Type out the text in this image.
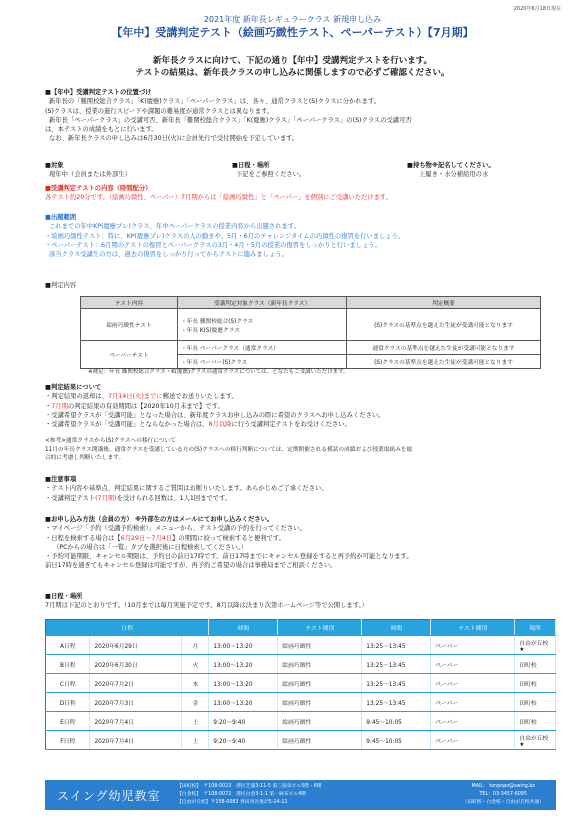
2020年6月18日現在
2021年度 新年長レギュラークラス 新規申し込み
【年中】受講判定テスト（絵画巧緻性テスト、ペーパーテスト）【7月期】
新年長クラスに向けて、下記の通り【年中】受講判定テストを行います。
テストの結果は、新年長クラスの申し込みに関係しますので必ずご確認ください。
■【年中】受講判定テストの位置づけ
新年長の「難関校総合クラス」「K(慶應)クラス」「ペーパークラス」は、各々、通常クラスと(S)クラスに分かれます。
(S)クラスは、授業の進行スピードや課題の難易度が通常クラスとは異なります。
新年長「ペーパークラス」の受講可否、新年長「難関校総合クラス」「K(慶應)クラス」「ペーパークラス」の(S)クラスの受講可否
は、本テストの成績をもとに行います。
なお、新年長クラスの申し込みは6月30日(火)に会員先行で受付開始を予定しています。
■対象
現年中（会員または外部生）
■日程・場所
下記をご参照ください。
■持ち物※記名してください。
上履き・水分補給用の水
■受講判定テストの内容（時間配分）
各テスト約20分です。（絵画巧緻性、ペーパー）7月期からは「絵画巧緻性」と「ペーパー」を個別にご受講いただけます。
■出題範囲
これまでの年中KP(慶應プレ)クラス、年中ペーパークラスの授業内容から出題されます。
・絵画巧緻性テスト：特に、KP(慶應プレ)クラスの人の動きや、5月・6月のチャレンジタイムの巧緻性の復習を行いましょう。
・ペーパーテスト：6月期のテストの復習とペーパークラスの3月・4月・5月の授業の復習をしっかりと行いましょう。
該当クラス受講生の方は、過去の復習をしっかり行ってからテストに臨みましょう。
■判定内容
テスト内容	受講判定対象クラス（新年長クラス）	判定概要
絵画巧緻性テスト	・年長 難関校総合(S)クラス
・年長 K(S)慶應クラス	(S)クラスの基準点を越えた生徒が受講可能となります
ペーパーテスト	・年長 ペーパークラス（通常クラス）	通常クラスの基準点を越えた生徒が受講可能となります
	・年長 ペーパー(S)クラス	(S)クラスの基準点を越えた生徒が受講可能となります
※補足：年長 難関校総合クラス・K(慶應)クラスの通常クラスについては、どなたもご受講いただけます。
■判定結果について
・判定結果の返却は、7月14日(火)までに郵送でお送りいたします。
・7月期の判定結果の有効期間は【2020年10月末まで】です。
・受講希望クラスが「受講可能」となった場合は、新年度クラスお申し込みの際に希望のクラスへお申し込みください。
・受講希望クラスが「受講可能」とならなかった場合は、8月以降に行う受講判定テストをお受けください。
<参考>通常クラスから(S)クラスへの移行について
11月の年長クラス開講後、通常クラスを受講している方の(S)クラスへの移行判断については、定期開催される模試の成績および授業取組みを総
合的に考慮し判断いたします。
■注意事項
・テスト内容や基準点、判定結果に関するご質問はお断りいたします。あらかじめご了承ください。
・受講判定テスト(7月期)を受けられる回数は、1人1回までです。
■お申し込み方法（会員の方） ※外部生の方はメールにてお申し込みください。
・マイページ「予約（受講予約検索）」メニューから、テスト受講の予約を行ってください。
・日程を検索する場合は【6月29日〜7月4日】の期間に絞って検索すると便利です。
（PCからの場合は「一覧」タブを選択後に日程検索してください。）
・予約可能期限、キャンセル期限は、予約日の前日17時です。前日17時までにキャンセル登録をすると再予約が可能となります。
前日17時を過ぎてもキャンセル登録は可能ですが、再予約ご希望の場合は事務局までご相談ください。
■日程・場所
7月期は下記のとおりです。（10月までは毎月実施予定です。8月以降は決まり次第ホームページ等で公開します。）
日程			時間	テスト種別	時間	テスト種別	場所
A日程	2020年6月29日	月	13:00〜13:20	絵画巧緻性	13:25〜13:45	ペーパー	自由が丘校★
B日程	2020年6月30日	火	13:00〜13:20	絵画巧緻性	13:25〜13:45	ペーパー	田町校
C日程	2020年7月2日	木	13:00〜13:20	絵画巧緻性	13:25〜13:45	ペーパー	田町校
D日程	2020年7月3日	金	13:00〜13:20	絵画巧緻性	13:25〜13:45	ペーパー	田町校
E日程	2020年7月4日	土	9:20〜9:40	絵画巧緻性	9:45〜10:05	ペーパー	田町校
F日程	2020年7月4日	土	9:20〜9:40	絵画巧緻性	9:45〜10:05	ペーパー	自由が丘校★
スイング幼児教室
【田町校】　〒108-0023　港区芝浦3-11-5 第三協栄ビル5階・6階
【白金校】　〒108-0072　港区白金3-1-1 第一麻布ビル4階
【自由が丘校】〒158-0083 世田谷区奥沢5-24-11
MAIL： tonpopo@swing.bz
TEL：03-3457-6095
（田町校・白金校・自由が丘校共通）
